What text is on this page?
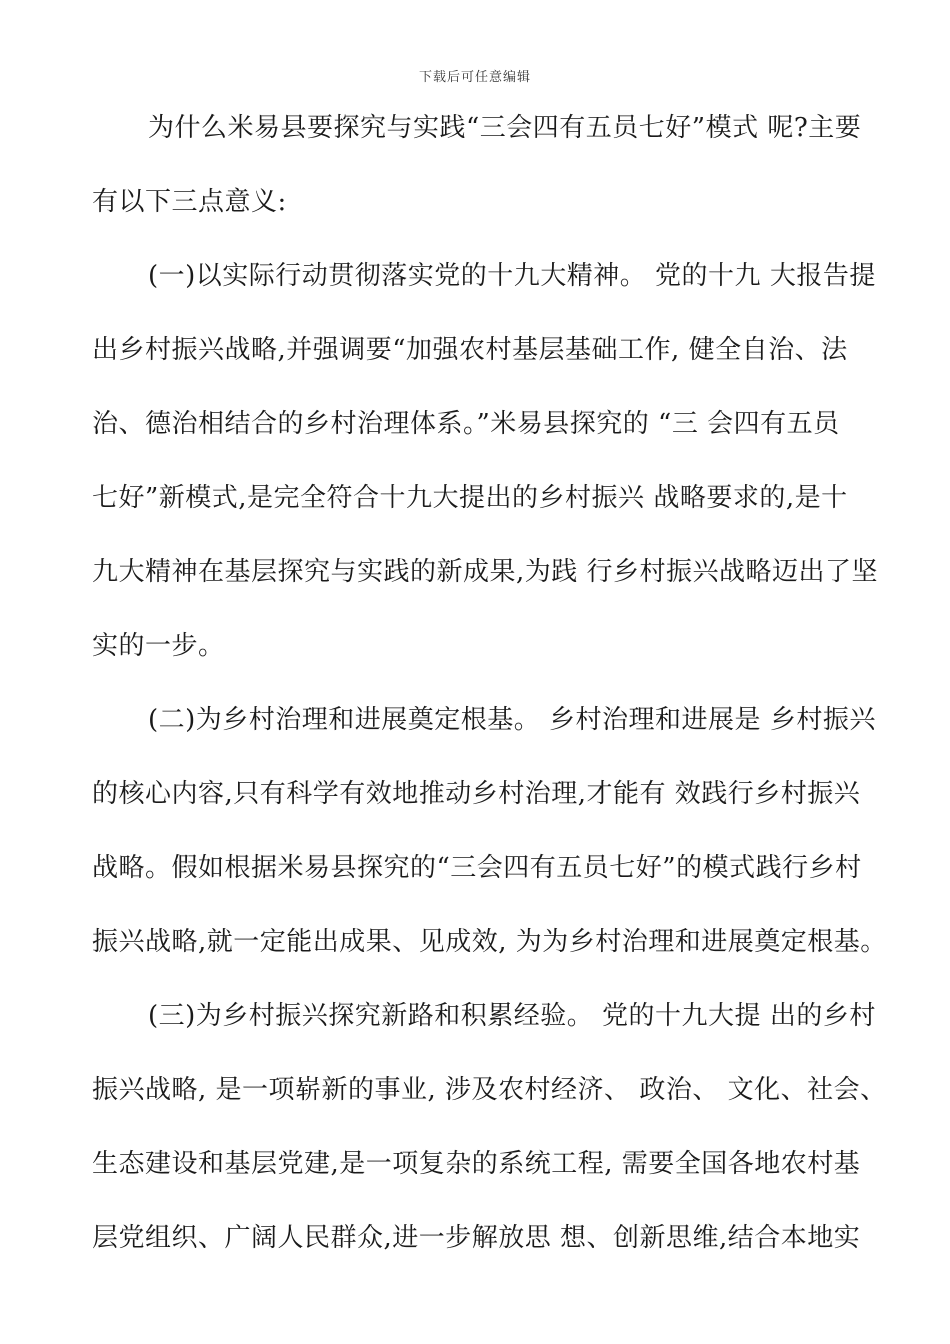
下载后可任意编辑
为什么米易县要探究与实践“三会四有五员七好”模式 呢?主要
有以下三点意义:
(一)以实际行动贯彻落实党的十九大精神。 党的十九 大报告提
出乡村振兴战略,并强调要“加强农村基层基础工作, 健全自治、法
治、德治相结合的乡村治理体系。”米易县探究的 “三 会四有五员
七好”新模式,是完全符合十九大提出的乡村振兴 战略要求的,是十
九大精神在基层探究与实践的新成果,为践 行乡村振兴战略迈出了坚
实的一步。
(二)为乡村治理和进展奠定根基。 乡村治理和进展是 乡村振兴
的核心内容,只有科学有效地推动乡村治理,才能有 效践行乡村振兴
战略。假如根据米易县探究的“三会四有五员七好”的模式践行乡村
振兴战略,就一定能出成果、见成效, 为为乡村治理和进展奠定根基。
(三)为乡村振兴探究新路和积累经验。 党的十九大提 出的乡村
振兴战略, 是一项崭新的事业, 涉及农村经济、 政治、 文化、社会、
生态建设和基层党建,是一项复杂的系统工程, 需要全国各地农村基
层党组织、广阔人民群众,进一步解放思 想、创新思维,结合本地实
